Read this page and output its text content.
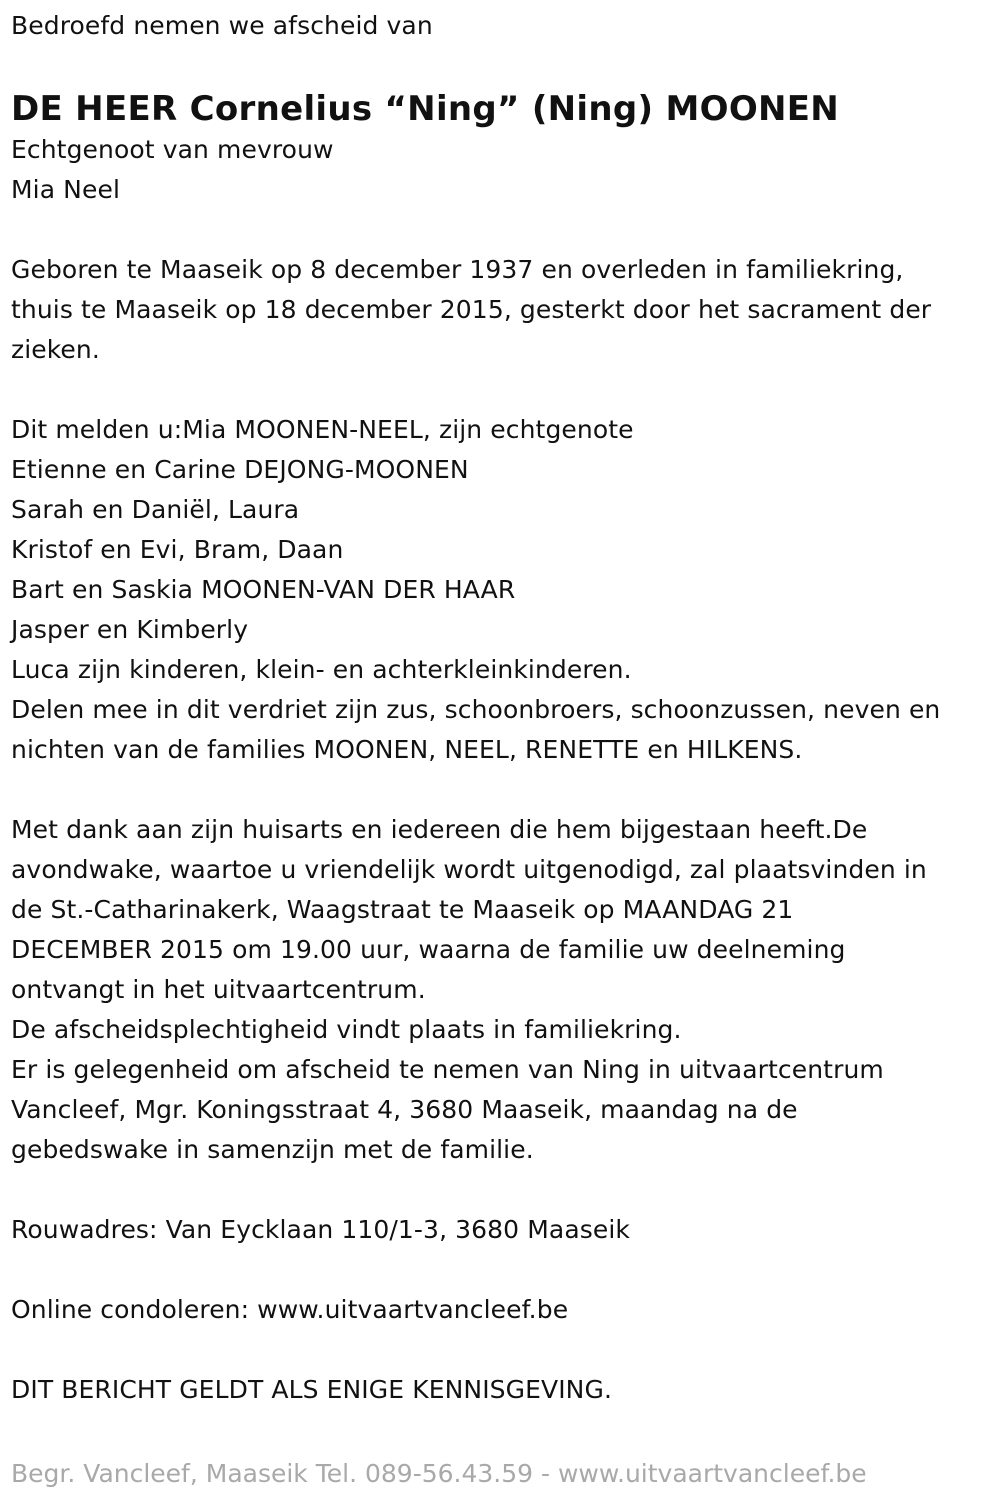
Bedroefd nemen we afscheid van
DE HEER Cornelius “Ning” (Ning) MOONEN
Echtgenoot van mevrouw
Mia Neel
Geboren te Maaseik op 8 december 1937 en overleden in familiekring,
thuis te Maaseik op 18 december 2015, gesterkt door het sacrament der
zieken.
Dit melden u:Mia MOONEN-NEEL, zijn echtgenote
Etienne en Carine DEJONG-MOONEN
Sarah en Daniël, Laura
Kristof en Evi, Bram, Daan
Bart en Saskia MOONEN-VAN DER HAAR
Jasper en Kimberly
Luca zijn kinderen, klein- en achterkleinkinderen.
Delen mee in dit verdriet zijn zus, schoonbroers, schoonzussen, neven en
nichten van de families MOONEN, NEEL, RENETTE en HILKENS.
Met dank aan zijn huisarts en iedereen die hem bijgestaan heeft.De
avondwake, waartoe u vriendelijk wordt uitgenodigd, zal plaatsvinden in
de St.-Catharinakerk, Waagstraat te Maaseik op MAANDAG 21
DECEMBER 2015 om 19.00 uur, waarna de familie uw deelneming
ontvangt in het uitvaartcentrum.
De afscheidsplechtigheid vindt plaats in familiekring.
Er is gelegenheid om afscheid te nemen van Ning in uitvaartcentrum
Vancleef, Mgr. Koningsstraat 4, 3680 Maaseik, maandag na de
gebedswake in samenzijn met de familie.
Rouwadres: Van Eycklaan 110/1-3, 3680 Maaseik
Online condoleren: www.uitvaartvancleef.be
DIT BERICHT GELDT ALS ENIGE KENNISGEVING.
Begr. Vancleef, Maaseik Tel. 089-56.43.59 - www.uitvaartvancleef.be
